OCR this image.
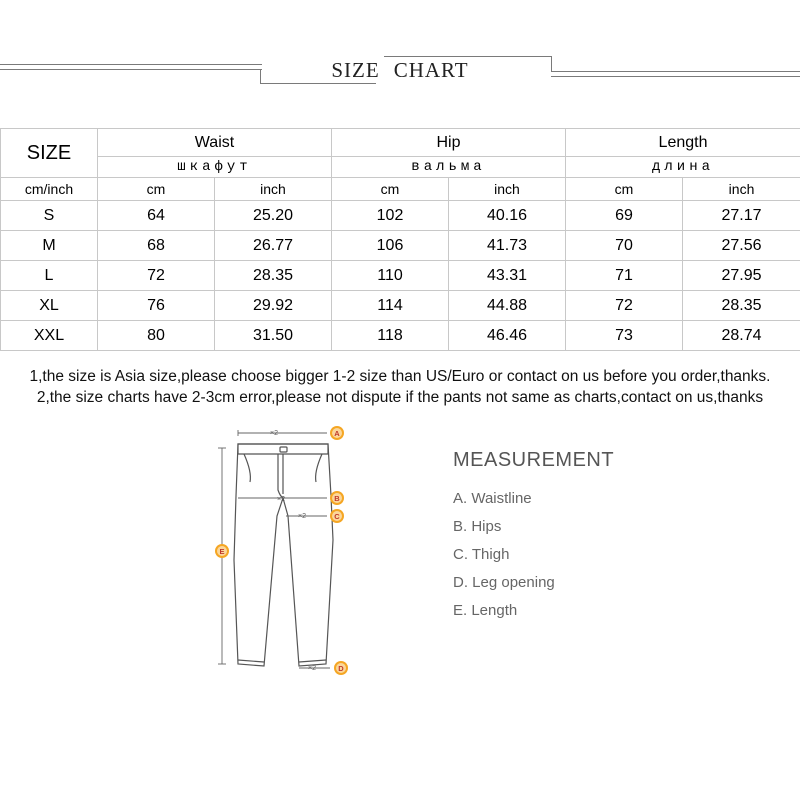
SIZE CHART
SIZE	Waist		Hip		Length	
	шкафут		вальма		длина	
cm/inch	cm	inch	cm	inch	cm	inch
S	64	25.20	102	40.16	69	27.17
M	68	26.77	106	41.73	70	27.56
L	72	28.35	110	43.31	71	27.95
XL	76	29.92	114	44.88	72	28.35
XXL	80	31.50	118	46.46	73	28.74
1,the size is Asia size,please choose bigger 1-2 size than US/Euro or contact on us before you order,thanks.
2,the size charts have 2-3cm error,please not dispute if the pants not same as charts,contact on us,thanks
×2
×2
×2
×2
A
B
C
D
E
MEASUREMENT
A. Waistline
B. Hips
C. Thigh
D. Leg opening
E. Length
